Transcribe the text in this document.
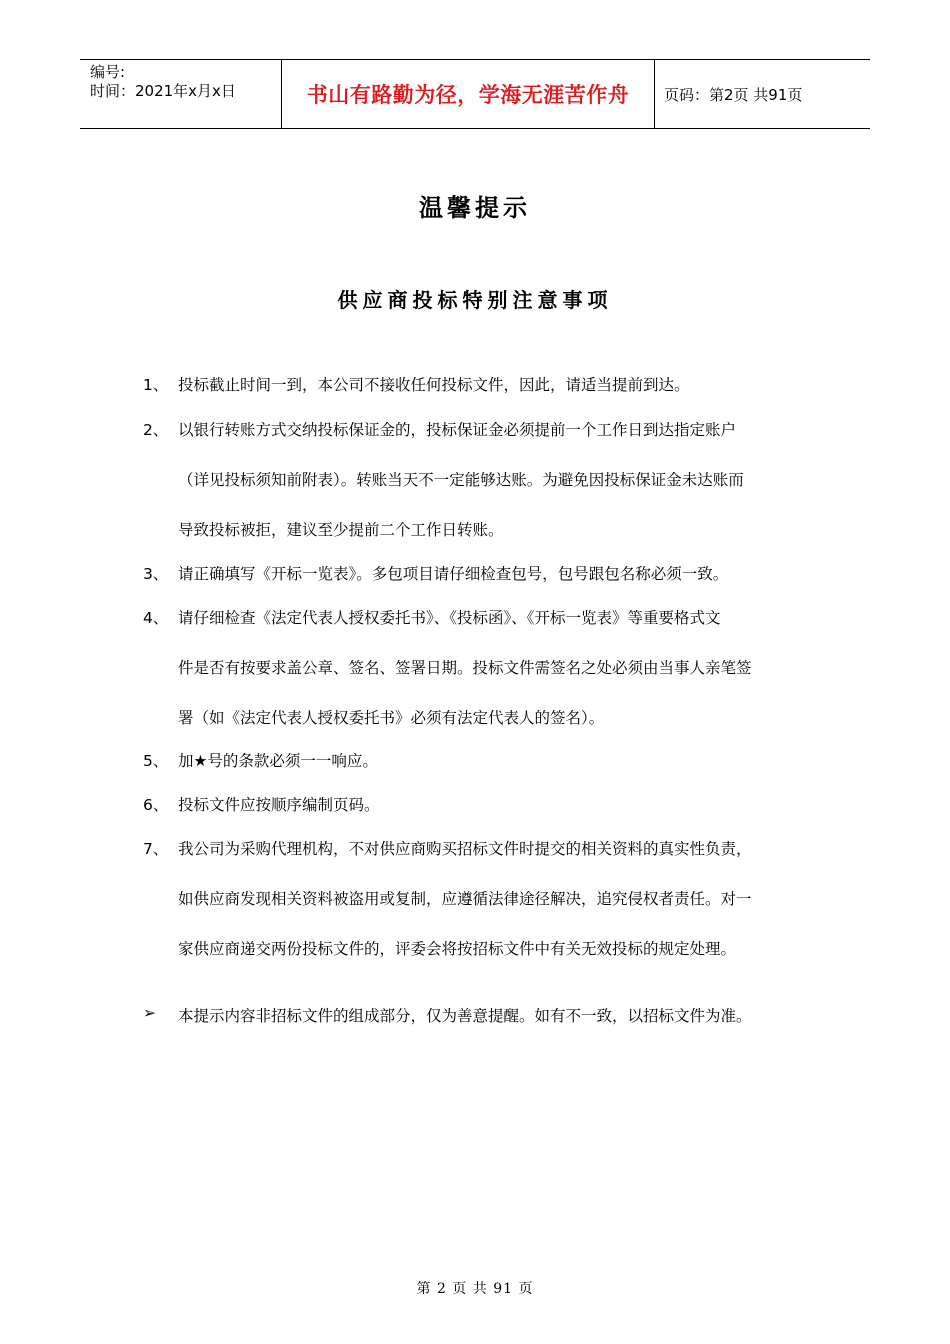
编号:
时间：2021年x月x日	书山有路勤为径，学海无涯苦作舟	页码：第2页 共91页
温馨提示
供应商投标特别注意事项
1、 投标截止时间一到，本公司不接收任何投标文件，因此，请适当提前到达。
2、 以银行转账方式交纳投标保证金的，投标保证金必须提前一个工作日到达指定账户
（详见投标须知前附表）。转账当天不一定能够达账。为避免因投标保证金未达账而
导致投标被拒，建议至少提前二个工作日转账。
3、 请正确填写《开标一览表》。多包项目请仔细检查包号，包号跟包名称必须一致。
4、 请仔细检查《法定代表人授权委托书》、《投标函》、《开标一览表》等重要格式文
件是否有按要求盖公章、签名、签署日期。投标文件需签名之处必须由当事人亲笔签
署（如《法定代表人授权委托书》必须有法定代表人的签名）。
5、 加★号的条款必须一一响应。
6、 投标文件应按顺序编制页码。
7、 我公司为采购代理机构，不对供应商购买招标文件时提交的相关资料的真实性负责，
如供应商发现相关资料被盗用或复制，应遵循法律途径解决，追究侵权者责任。对一
家供应商递交两份投标文件的，评委会将按招标文件中有关无效投标的规定处理。
➢ 本提示内容非招标文件的组成部分，仅为善意提醒。如有不一致，以招标文件为准。
第 2 页 共 91 页
